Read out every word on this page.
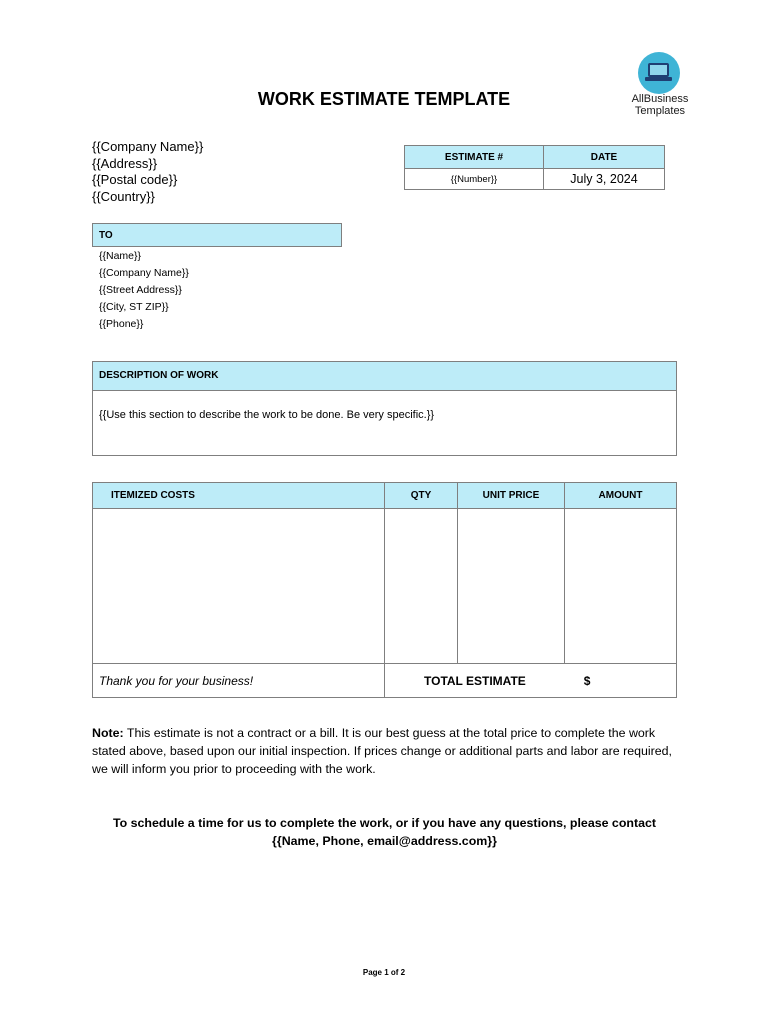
AllBusiness
Templates
WORK ESTIMATE TEMPLATE
{{Company Name}}
{{Address}}
{{Postal code}}
{{Country}}
ESTIMATE #	DATE
{{Number}}	July 3, 2024
TO
{{Name}}
{{Company Name}}
{{Street Address}}
{{City, ST ZIP}}
{{Phone}}
DESCRIPTION OF WORK
{{Use this section to describe the work to be done. Be very specific.}}
ITEMIZED COSTS	QTY	UNIT PRICE	AMOUNT

Thank you for your business!	TOTAL ESTIMATE $		
Note: This estimate is not a contract or a bill. It is our best guess at the total price to complete the work stated above, based upon our initial inspection. If prices change or additional parts and labor are required, we will inform you prior to proceeding with the work.
To schedule a time for us to complete the work, or if you have any questions, please contact
{{Name, Phone, email@address.com}}
Page 1 of 2
